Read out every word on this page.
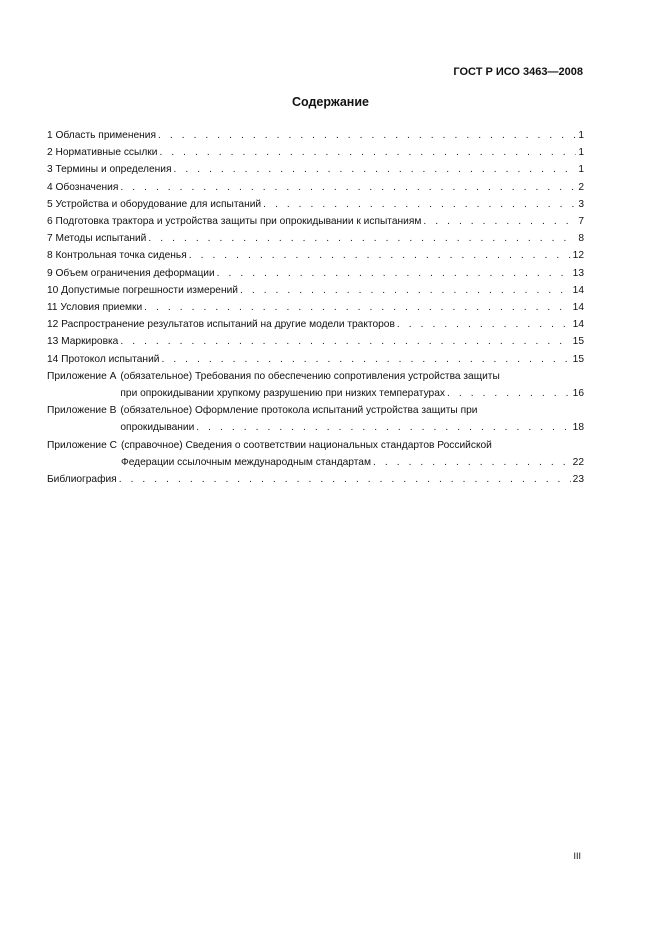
ГОСТ Р ИСО 3463—2008
Содержание
1 Область применения . . .	1
2 Нормативные ссылки . . .	1
3 Термины и определения . . .	1
4 Обозначения . . .	2
5 Устройства и оборудование для испытаний . . .	3
6 Подготовка трактора и устройства защиты при опрокидывании к испытаниям . . .	7
7 Методы испытаний . . .	8
8 Контрольная точка сиденья . . .	12
9 Объем ограничения деформации . . .	13
10 Допустимые погрешности измерений . . .	14
11 Условия приемки . . .	14
12 Распространение результатов испытаний на другие модели тракторов . . .	14
13 Маркировка . . .	15
14 Протокол испытаний . . .	15
Приложение А (обязательное) Требования по обеспечению сопротивления устройства защиты
при опрокидывании хрупкому разрушению при низких температурах . . .	16
Приложение В (обязательное) Оформление протокола испытаний устройства защиты при
опрокидывании . . .	18
Приложение С (справочное) Сведения о соответствии национальных стандартов Российской
Федерации ссылочным международным стандартам . . .	22
Библиография . . .	23
III
